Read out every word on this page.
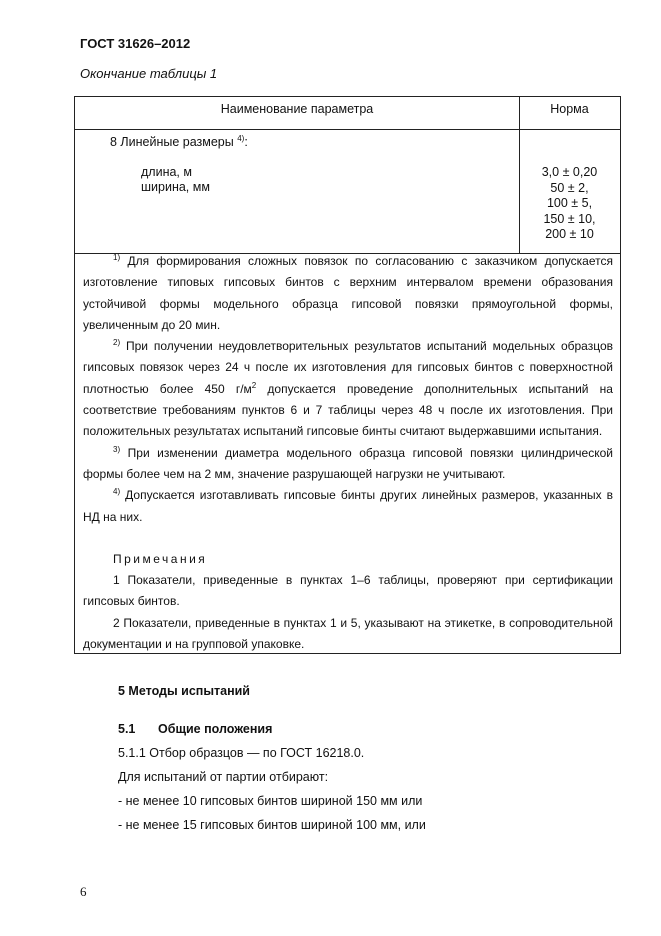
ГОСТ 31626–2012
Окончание таблицы 1
Наименование параметра	Норма
8 Линейные размеры $^{4)}$:
длина, м
ширина, мм
3,0 ± 0,20
50 ± 2,
100 ± 5,
150 ± 10,
200 ± 10

$^{1)}$ Для формирования сложных повязок по согласованию с заказчиком допускается изготовление типовых гипсовых бинтов с верхним интервалом времени образования устойчивой формы модельного образца гипсовой повязки прямоугольной формы, увеличенным до 20 мин.

$^{2)}$ При получении неудовлетворительных результатов испытаний модельных образцов гипсовых повязок через 24 ч после их изготовления для гипсовых бинтов с поверхностной плотностью более 450 $г/м^2$ допускается проведение дополнительных испытаний на соответствие требованиям пунктов 6 и 7 таблицы через 48 ч после их изготовления. При положительных результатах испытаний гипсовые бинты считают выдержавшими испытания.

$^{3)}$ При изменении диаметра модельного образца гипсовой повязки цилиндрической формы более чем на 2 мм, значение разрушающей нагрузки не учитывают.

$^{4)}$ Допускается изготавливать гипсовые бинты других линейных размеров, указанных в НД на них.

Примечания

1 Показатели, приведенные в пунктах 1–6 таблицы, проверяют при сертификации гипсовых бинтов.

2 Показатели, приведенные в пунктах 1 и 5, указывают на этикетке, в сопроводительной документации и на групповой упаковке.

5 Методы испытаний
5.1 Общие положения
5.1.1 Отбор образцов — по ГОСТ 16218.0.
Для испытаний от партии отбирают:
- не менее 10 гипсовых бинтов шириной 150 мм или
- не менее 15 гипсовых бинтов шириной 100 мм, или
6
